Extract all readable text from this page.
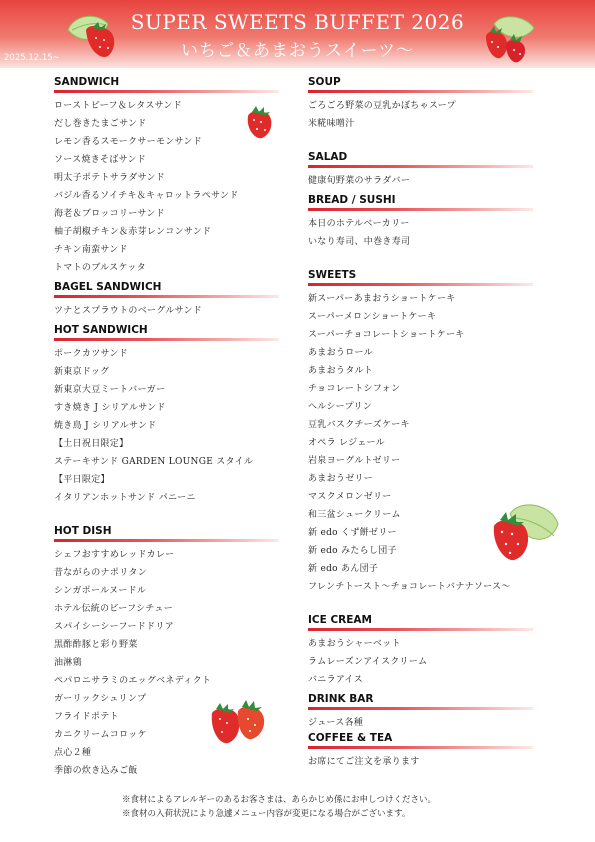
SUPER SWEETS BUFFET 2026
いちご＆あまおうスイーツ〜
2025.12.15~
SANDWICH
ローストビーフ＆レタスサンド
だし巻きたまごサンド
レモン香るスモークサーモンサンド
ソース焼きそばサンド
明太子ポテトサラダサンド
バジル香るソイチキ＆キャロットラペサンド
海老＆ブロッコリーサンド
柚子胡椒チキン＆赤芽レンコンサンド
チキン南蛮サンド
トマトのブルスケッタ
BAGEL SANDWICH
ツナとスプラウトのベーグルサンド
HOT SANDWICH
ポークカツサンド
新東京ドッグ
新東京大豆ミートバーガー
すき焼き J シリアルサンド
焼き鳥 J シリアルサンド
【土日祝日限定】
ステーキサンド GARDEN LOUNGE スタイル
【平日限定】
イタリアンホットサンド パニーニ
HOT DISH
シェフおすすめレッドカレー
昔ながらのナポリタン
シンガポールヌードル
ホテル伝統のビーフシチュー
スパイシーシーフードドリア
黒酢酢豚と彩り野菜
油淋鶏
ペパロニサラミのエッグベネディクト
ガーリックシュリンプ
フライドポテト
カニクリームコロッケ
点心２種
季節の炊き込みご飯
SOUP
ごろごろ野菜の豆乳かぼちゃスープ
米糀味噌汁
SALAD
健康旬野菜のサラダバー
BREAD / SUSHI
本日のホテルベーカリー
いなり寿司、中巻き寿司
SWEETS
新スーパーあまおうショートケーキ
スーパーメロンショートケーキ
スーパーチョコレートショートケーキ
あまおうロール
あまおうタルト
チョコレートシフォン
ヘルシープリン
豆乳バスクチーズケーキ
オペラ レジェール
岩泉ヨーグルトゼリー
あまおうゼリー
マスクメロンゼリー
和三盆シュークリーム
新 edo くず餅ゼリー
新 edo みたらし団子
新 edo あん団子
フレンチトースト〜チョコレートバナナソース〜
ICE CREAM
あまおうシャーベット
ラムレーズンアイスクリーム
バニラアイス
DRINK BAR
ジュース各種
COFFEE & TEA
お席にてご注文を承ります
※食材によるアレルギーのあるお客さまは、あらかじめ係にお申しつけください。
※食材の入荷状況により急遽メニュー内容が変更になる場合がございます。
